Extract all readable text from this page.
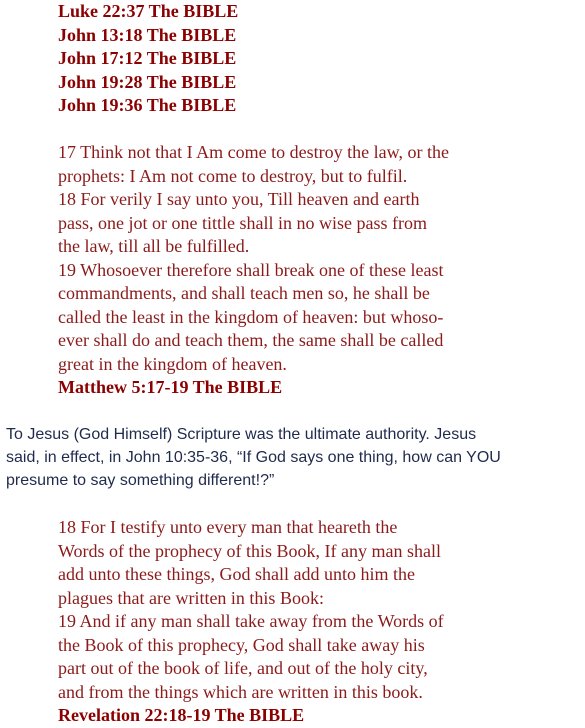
Luke 22:37 The BIBLE
John 13:18 The BIBLE
John 17:12 The BIBLE
John 19:28 The BIBLE
John 19:36 The BIBLE
17 Think not that I Am come to destroy the law, or the
prophets: I Am not come to destroy, but to fulfil.
18 For verily I say unto you, Till heaven and earth
pass, one jot or one tittle shall in no wise pass from
the law, till all be fulfilled.
19 Whosoever therefore shall break one of these least
commandments, and shall teach men so, he shall be
called the least in the kingdom of heaven: but whoso-
ever shall do and teach them, the same shall be called
great in the kingdom of heaven.
Matthew 5:17-19 The BIBLE
To Jesus (God Himself) Scripture was the ultimate authority. Jesus
said, in effect, in John 10:35-36, “If God says one thing, how can YOU
presume to say something different!?”
18 For I testify unto every man that heareth the
Words of the prophecy of this Book, If any man shall
add unto these things, God shall add unto him the
plagues that are written in this Book:
19 And if any man shall take away from the Words of
the Book of this prophecy, God shall take away his
part out of the book of life, and out of the holy city,
and from the things which are written in this book.
Revelation 22:18-19 The BIBLE
